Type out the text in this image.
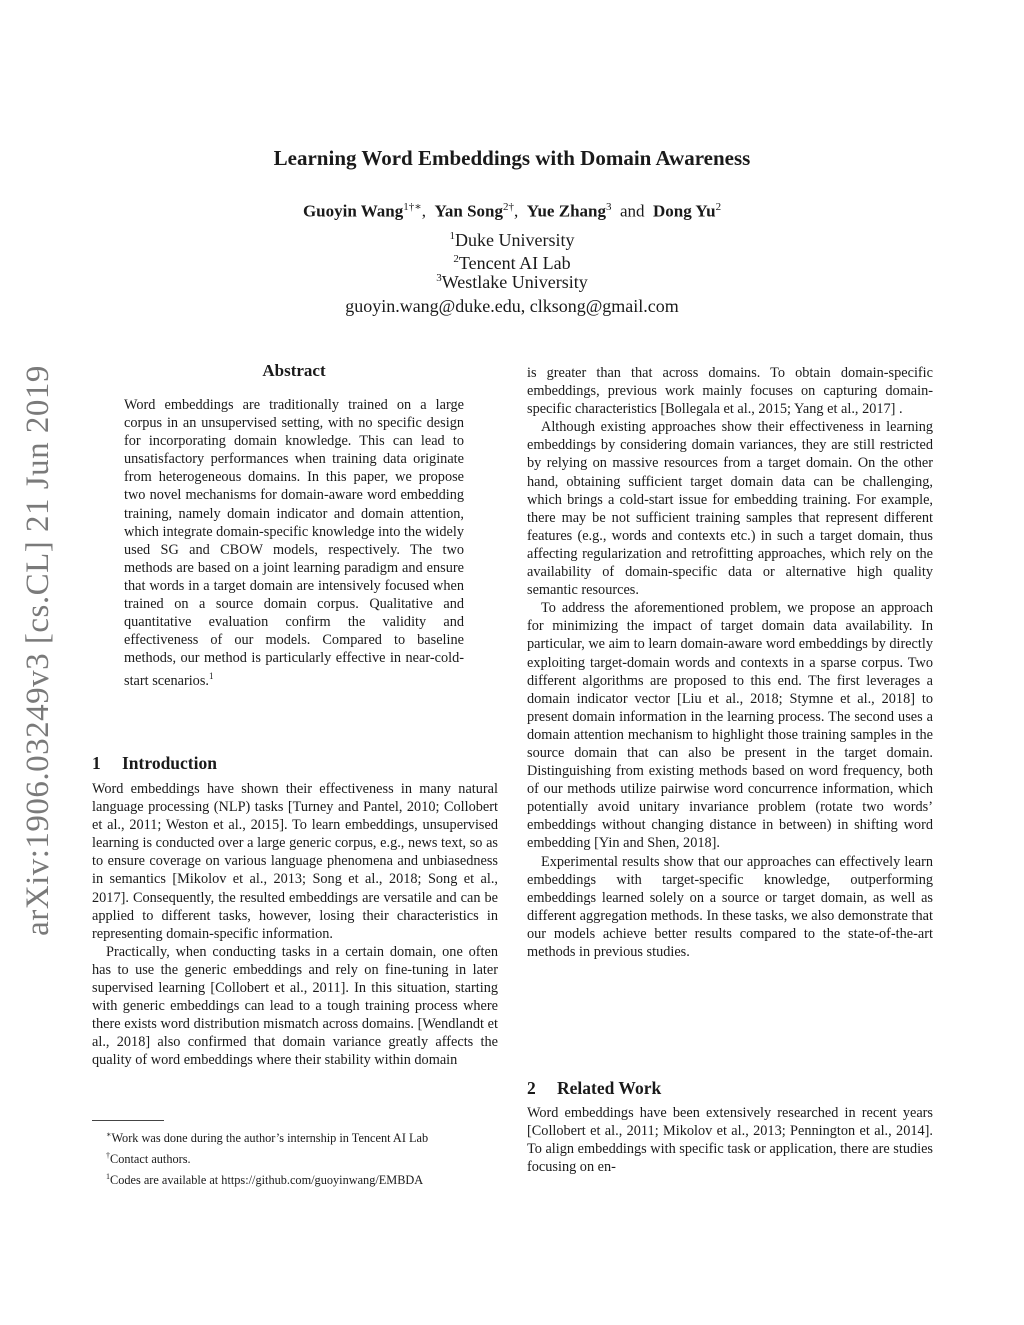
arXiv:1906.03249v3 [cs.CL] 21 Jun 2019
Learning Word Embeddings with Domain Awareness
Guoyin Wang$^{1\dagger∗}$, Yan Song$^{2\dagger}$, Yue Zhang$^3$ and Dong Yu$^2$
$^1$Duke University
$^2$Tencent AI Lab
$^3$Westlake University
guoyin.wang@duke.edu, clksong@gmail.com
Abstract
Word embeddings are traditionally trained on a large corpus in an unsupervised setting, with no specific design for incorporating domain knowledge. This can lead to unsatisfactory performances when training data originate from heterogeneous domains. In this paper, we propose two novel mechanisms for domain-aware word embedding training, namely domain indicator and domain attention, which integrate domain-specific knowledge into the widely used SG and CBOW models, respectively. The two methods are based on a joint learning paradigm and ensure that words in a target domain are intensively focused when trained on a source domain corpus. Qualitative and quantitative evaluation confirm the validity and effectiveness of our models. Compared to baseline methods, our method is particularly effective in near-cold-start scenarios.$^1$
1 Introduction

Word embeddings have shown their effectiveness in many natural language processing (NLP) tasks [Turney and Pantel, 2010; Collobert et al., 2011; Weston et al., 2015]. To learn embeddings, unsupervised learning is conducted over a large generic corpus, e.g., news text, so as to ensure coverage on various language phenomena and unbiasedness in semantics [Mikolov et al., 2013; Song et al., 2018; Song et al., 2017]. Consequently, the resulted embeddings are versatile and can be applied to different tasks, however, losing their characteristics in representing domain-specific information.

Practically, when conducting tasks in a certain domain, one often has to use the generic embeddings and rely on fine-tuning in later supervised learning [Collobert et al., 2011]. In this situation, starting with generic embeddings can lead to a tough training process where there exists word distribution mismatch across domains. [Wendlandt et al., 2018] also confirmed that domain variance greatly affects the quality of word embeddings where their stability within domain

is greater than that across domains. To obtain domain-specific embeddings, previous work mainly focuses on capturing domain-specific characteristics [Bollegala et al., 2015; Yang et al., 2017] .

Although existing approaches show their effectiveness in learning embeddings by considering domain variances, they are still restricted by relying on massive resources from a target domain. On the other hand, obtaining sufficient target domain data can be challenging, which brings a cold-start issue for embedding training. For example, there may be not sufficient training samples that represent different features (e.g., words and contexts etc.) in such a target domain, thus affecting regularization and retrofitting approaches, which rely on the availability of domain-specific data or alternative high quality semantic resources.

To address the aforementioned problem, we propose an approach for minimizing the impact of target domain data availability. In particular, we aim to learn domain-aware word embeddings by directly exploiting target-domain words and contexts in a sparse corpus. Two different algorithms are proposed to this end. The first leverages a domain indicator vector [Liu et al., 2018; Stymne et al., 2018] to present domain information in the learning process. The second uses a domain attention mechanism to highlight those training samples in the source domain that can also be present in the target domain. Distinguishing from existing methods based on word frequency, both of our methods utilize pairwise word concurrence information, which potentially avoid unitary invariance problem (rotate two words’ embeddings without changing distance in between) in shifting word embedding [Yin and Shen, 2018].

Experimental results show that our approaches can effectively learn embeddings with target-specific knowledge, outperforming embeddings learned solely on a source or target domain, as well as different aggregation methods. In these tasks, we also demonstrate that our models achieve better results compared to the state-of-the-art methods in previous studies.

2 Related Work

Word embeddings have been extensively researched in recent years [Collobert et al., 2011; Mikolov et al., 2013; Pennington et al., 2014]. To align embeddings with specific task or application, there are studies focusing on en-

∗Work was done during the author’s internship in Tencent AI Lab
†Contact authors.
$^1$Codes are available at https://github.com/guoyinwang/EMBDA
